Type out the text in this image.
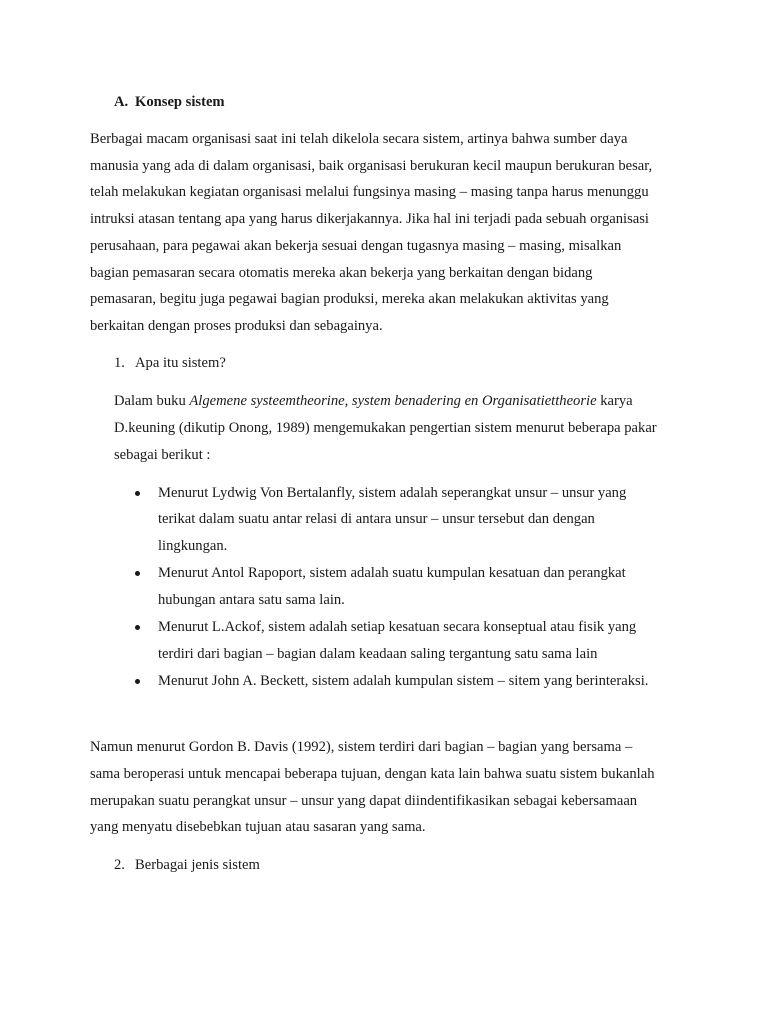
A. Konsep sistem
Berbagai macam organisasi saat ini telah dikelola secara sistem, artinya bahwa sumber daya
manusia yang ada di dalam organisasi, baik organisasi berukuran kecil maupun berukuran besar,
telah melakukan kegiatan organisasi melalui fungsinya masing – masing tanpa harus menunggu
intruksi atasan tentang apa yang harus dikerjakannya. Jika hal ini terjadi pada sebuah organisasi
perusahaan, para pegawai akan bekerja sesuai dengan tugasnya masing – masing, misalkan
bagian pemasaran secara otomatis mereka akan bekerja yang berkaitan dengan bidang
pemasaran, begitu juga pegawai bagian produksi, mereka akan melakukan aktivitas yang
berkaitan dengan proses produksi dan sebagainya.
1. Apa itu sistem?
Dalam buku Algemene systeemtheorine, system benadering en Organisatiettheorie karya
D.keuning (dikutip Onong, 1989) mengemukakan pengertian sistem menurut beberapa pakar
sebagai berikut :
Menurut Lydwig Von Bertalanfly, sistem adalah seperangkat unsur – unsur yang
terikat dalam suatu antar relasi di antara unsur – unsur tersebut dan dengan
lingkungan.
Menurut Antol Rapoport, sistem adalah suatu kumpulan kesatuan dan perangkat
hubungan antara satu sama lain.
Menurut L.Ackof, sistem adalah setiap kesatuan secara konseptual atau fisik yang
terdiri dari bagian – bagian dalam keadaan saling tergantung satu sama lain
Menurut John A. Beckett, sistem adalah kumpulan sistem – sitem yang berinteraksi.
Namun menurut Gordon B. Davis (1992), sistem terdiri dari bagian – bagian yang bersama –
sama beroperasi untuk mencapai beberapa tujuan, dengan kata lain bahwa suatu sistem bukanlah
merupakan suatu perangkat unsur – unsur yang dapat diindentifikasikan sebagai kebersamaan
yang menyatu disebebkan tujuan atau sasaran yang sama.
2. Berbagai jenis sistem
